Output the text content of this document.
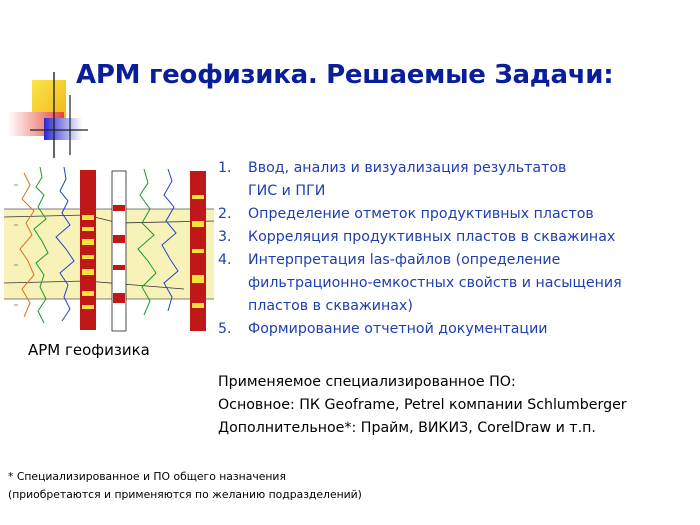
АРМ геофизика. Решаемые Задачи:
АРМ геофизика
1. Ввод, анализ и визуализация результатов
ГИС и ПГИ
2. Определение отметок продуктивных пластов
3. Корреляция продуктивных пластов в скважинах
4. Интерпретация las-файлов (определение
фильтрационно-емкостных свойств и насыщения
пластов в скважинах)
5. Формирование отчетной документации
Применяемое специализированное ПО:
Основное: ПК Geoframe, Petrel компании Schlumberger
Дополнительное*: Прайм, ВИКИЗ, CorelDraw и т.п.
* Специализированное и ПО общего назначения
(приобретаются и применяются по желанию подразделений)
